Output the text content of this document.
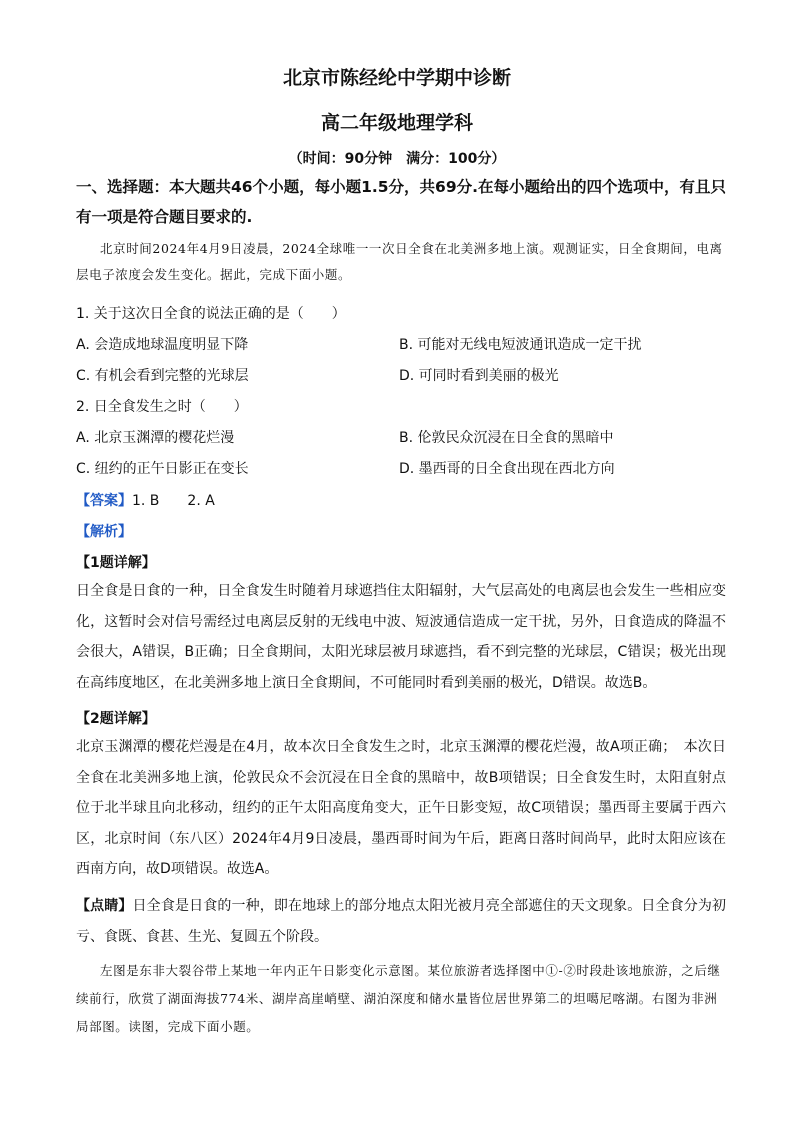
北京市陈经纶中学期中诊断
高二年级地理学科
（时间：90分钟　满分：100分）
一、选择题：本大题共46个小题，每小题1.5分，共69分.在每小题给出的四个选项中，有且只有一项是符合题目要求的.
北京时间2024年4月9日凌晨，2024全球唯一一次日全食在北美洲多地上演。观测证实，日全食期间，电离层电子浓度会发生变化。据此，完成下面小题。
1. 关于这次日全食的说法正确的是（　　）
A. 会造成地球温度明显下降	B. 可能对无线电短波通讯造成一定干扰
C. 有机会看到完整的光球层	D. 可同时看到美丽的极光
2. 日全食发生之时（　　）
A. 北京玉渊潭的樱花烂漫	B. 伦敦民众沉浸在日全食的黑暗中
C. 纽约的正午日影正在变长	D. 墨西哥的日全食出现在西北方向
【答案】1. B　　2. A
【解析】
【1题详解】
日全食是日食的一种，日全食发生时随着月球遮挡住太阳辐射，大气层高处的电离层也会发生一些相应变化，这暂时会对信号需经过电离层反射的无线电中波、短波通信造成一定干扰，另外，日食造成的降温不会很大，A错误，B正确；日全食期间，太阳光球层被月球遮挡，看不到完整的光球层，C错误；极光出现在高纬度地区，在北美洲多地上演日全食期间，不可能同时看到美丽的极光，D错误。故选B。
【2题详解】
北京玉渊潭的樱花烂漫是在4月，故本次日全食发生之时，北京玉渊潭的樱花烂漫，故A项正确；　本次日全食在北美洲多地上演，伦敦民众不会沉浸在日全食的黑暗中，故B项错误；日全食发生时，太阳直射点位于北半球且向北移动，纽约的正午太阳高度角变大，正午日影变短，故C项错误；墨西哥主要属于西六区，北京时间（东八区）2024年4月9日凌晨，墨西哥时间为午后，距离日落时间尚早，此时太阳应该在西南方向，故D项错误。故选A。
【点睛】日全食是日食的一种，即在地球上的部分地点太阳光被月亮全部遮住的天文现象。日全食分为初亏、食既、食甚、生光、复圆五个阶段。
左图是东非大裂谷带上某地一年内正午日影变化示意图。某位旅游者选择图中①-②时段赴该地旅游，之后继续前行，欣赏了湖面海拔774米、湖岸高崖峭壁、湖泊深度和储水量皆位居世界第二的坦噶尼喀湖。右图为非洲局部图。读图，完成下面小题。
